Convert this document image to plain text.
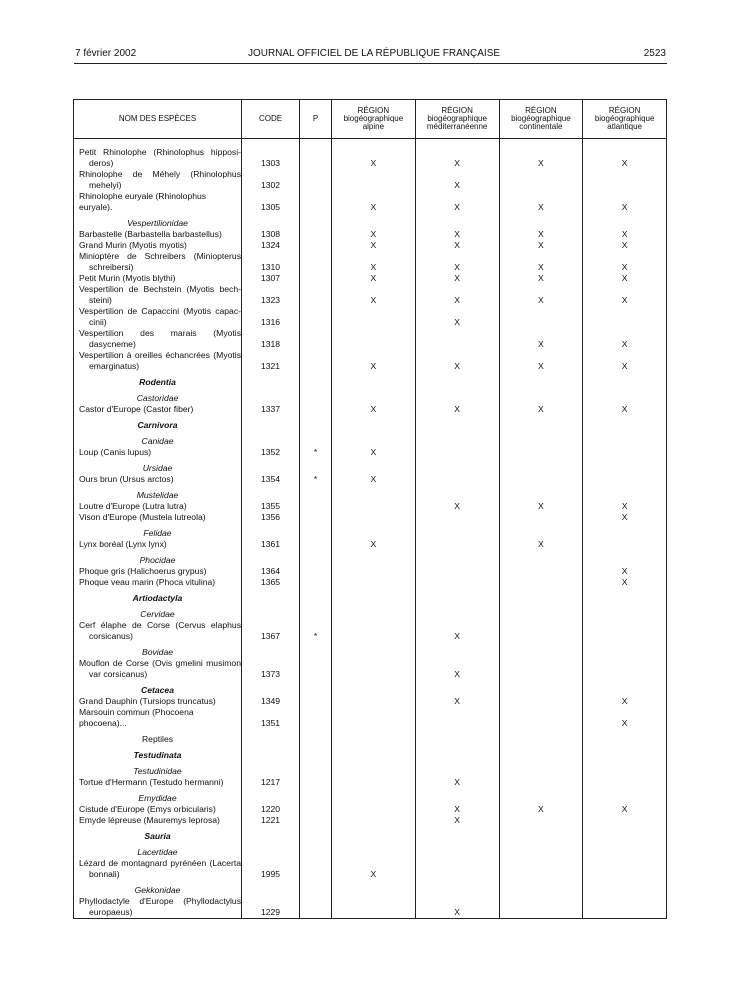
7 février 2002	JOURNAL OFFICIEL DE LA RÉPUBLIQUE FRANÇAISE	2523
NOM DES ESPÈCES	CODE	P	RÉGION biogéographique alpine	RÉGION biogéographique méditerranéenne	RÉGION biogéographique continentale	RÉGION biogéographique atlantique

Petit Rhinolophe (Rhinolophus hipposi-
deros)	1303		X	X	X	X

Rhinolophe de Méhely (Rhinolophus
mehelyi)	1302			X		
Rhinolophe euryale (Rhinolophus euryale).	1305		X	X	X	X
Vespertilionidae						
Barbastelle (Barbastella barbastellus)	1308		X	X	X	X
Grand Murin (Myotis myotis)	1324		X	X	X	X

Minioptère de Schreibers (Miniopterus
schreibersi)	1310		X	X	X	X
Petit Murin (Myotis blythi)	1307		X	X	X	X

Vespertilion de Bechstein (Myotis bech-
steini)	1323		X	X	X	X

Vespertilion de Capaccini (Myotis capac-
cinii)	1316			X		

Vespertilion des marais (Myotis
dasycneme)	1318				X	X

Vespertilion à oreilles échancrées (Myotis
emarginatus)	1321		X	X	X	X
Rodentia						
Castoridae						
Castor d'Europe (Castor fiber)	1337		X	X	X	X
Carnivora						
Canidae						
Loup (Canis lupus)	1352	*	X			
Ursidae						
Ours brun (Ursus arctos)	1354	*	X			
Mustelidae						
Loutre d'Europe (Lutra lutra)	1355			X	X	X
Vison d'Europe (Mustela lutreola)	1356					X
Felidae						
Lynx boréal (Lynx lynx)	1361		X		X	
Phocidae						
Phoque gris (Halichoerus grypus)	1364					X
Phoque veau marin (Phoca vitulina)	1365					X
Artiodactyla						
Cervidae						

Cerf élaphe de Corse (Cervus elaphus
corsicanus)	1367	*		X		
Bovidae						

Mouflon de Corse (Ovis gmelini musimon
var corsicanus)	1373			X		
Cetacea						
Grand Dauphin (Tursiops truncatus)	1349			X		X
Marsouin commun (Phocoena phocoena)...	1351					X
Reptiles						
Testudinata						
Testudinidae						
Tortue d'Hermann (Testudo hermanni)	1217			X		
Emydidae						
Cistude d'Europe (Emys orbicularis)	1220			X	X	X
Emyde lépreuse (Mauremys leprosa)	1221			X		
Sauria						
Lacertidae						

Lézard de montagnard pyrénéen (Lacerta
bonnali)	1995		X			
Gekkonidae						

Phyllodactyle d'Europe (Phyllodactylus
europaeus)	1229			X		
